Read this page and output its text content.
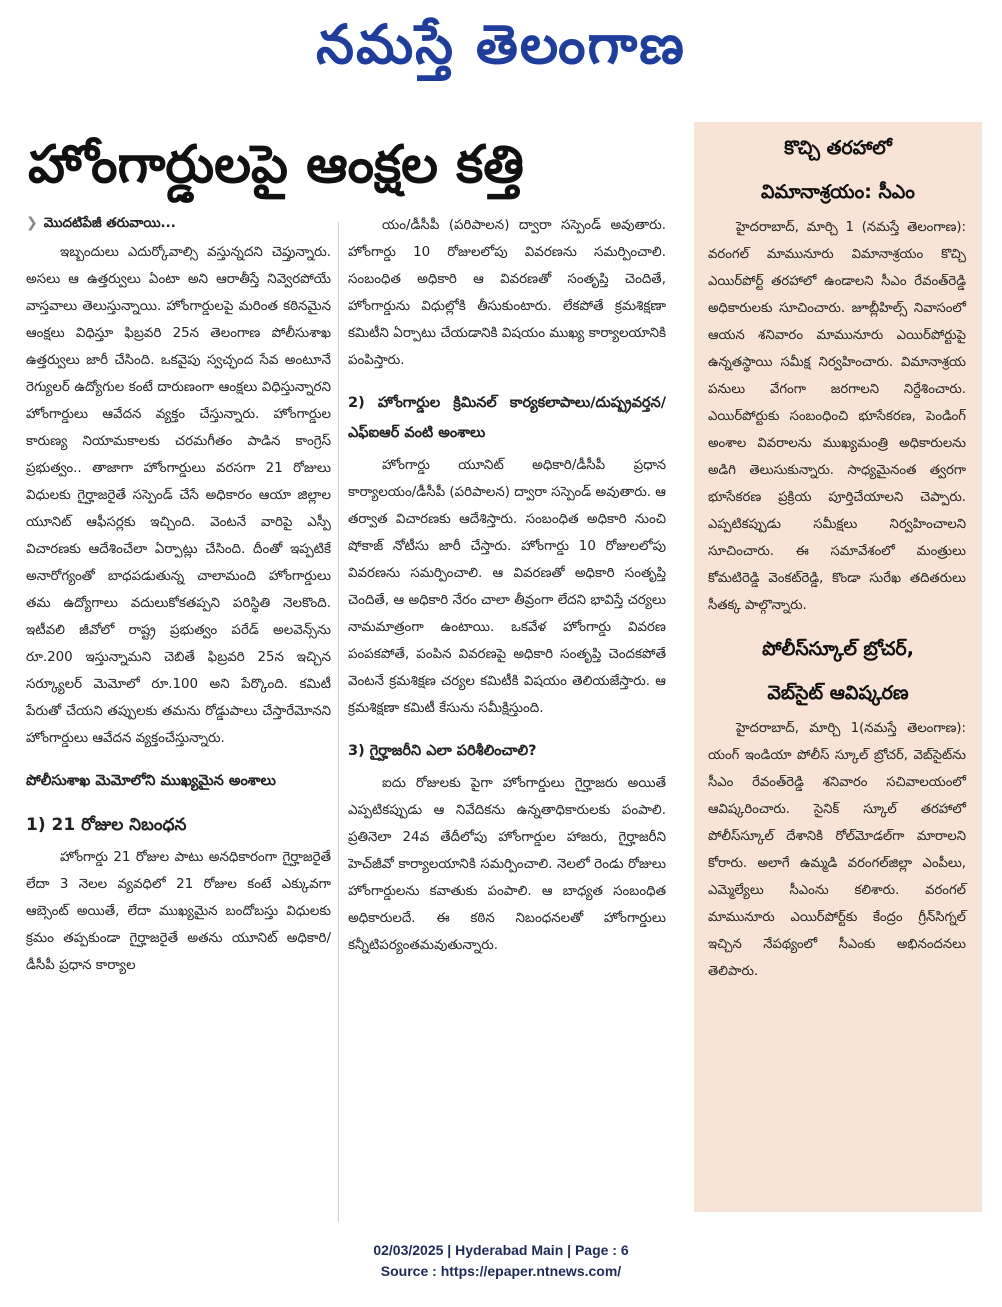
నమస్తే తెలంగాణ
హోంగార్డులపై ఆంక్షల కత్తి
❯ మొదటిపేజీ తరువాయి...

ఇబ్బందులు ఎదుర్కోవాల్సి వస్తున్నదని చెప్తున్నారు. అసలు ఆ ఉత్తర్వులు ఏంటా అని ఆరాతీస్తే నివ్వెరపోయే వాస్తవాలు తెలుస్తున్నాయి. హోంగార్డులపై మరింత కఠినమైన ఆంక్షలు విధిస్తూ ఫిబ్రవరి 25న తెలంగాణ పోలీసుశాఖ ఉత్తర్వులు జారీ చేసింది. ఒకవైపు స్వచ్ఛంద సేవ అంటూనే రెగ్యులర్ ఉద్యోగుల కంటే దారుణంగా ఆంక్షలు విధిస్తున్నారని హోంగార్డులు ఆవేదన వ్యక్తం చేస్తున్నారు. హోంగార్డుల కారుణ్య నియామకాలకు చరమగీతం పాడిన కాంగ్రెస్ ప్రభుత్వం.. తాజాగా హోంగార్డులు వరసగా 21 రోజులు విధులకు గైర్హాజరైతే సస్పెండ్ చేసే అధికారం ఆయా జిల్లాల యూనిట్ ఆఫీసర్లకు ఇచ్చింది. వెంటనే వారిపై ఎస్పీ విచారణకు ఆదేశించేలా ఏర్పాట్లు చేసింది. దీంతో ఇప్పటికే అనారోగ్యంతో బాధపడుతున్న చాలామంది హోంగార్డులు తమ ఉద్యోగాలు వదులుకోకతప్పని పరిస్థితి నెలకొంది. ఇటీవలి జీవోలో రాష్ట్ర ప్రభుత్వం పరేడ్ అలవెన్స్‌ను రూ.200 ఇస్తున్నామని చెబితే ఫిబ్రవరి 25న ఇచ్చిన సర్క్యూలర్ మెమోలో రూ.100 అని పేర్కొంది. కమిటీ పేరుతో చేయని తప్పులకు తమను రోడ్డుపాలు చేస్తారేమోనని హోంగార్డులు ఆవేదన వ్యక్తంచేస్తున్నారు.

పోలీసుశాఖ మెమోలోని ముఖ్యమైన అంశాలు
1) 21 రోజుల నిబంధన

హోంగార్డు 21 రోజుల పాటు అనధికారంగా గైర్హాజరైతే లేదా 3 నెలల వ్యవధిలో 21 రోజుల కంటే ఎక్కువగా ఆబ్సెంట్ అయితే, లేదా ముఖ్యమైన బందోబస్తు విధులకు క్రమం తప్పకుండా గైర్హాజరైతే అతను యూనిట్ అధికారి/డీసీపీ ప్రధాన కార్యాల

యం/డీసీపీ (పరిపాలన) ద్వారా సస్పెండ్ అవుతారు. హోంగార్డు 10 రోజులలోపు వివరణను సమర్పించాలి. సంబంధిత అధికారి ఆ వివరణతో సంతృప్తి చెందితే, హోంగార్డును విధుల్లోకి తీసుకుంటారు. లేకపోతే క్రమశిక్షణా కమిటీని ఏర్పాటు చేయడానికి విషయం ముఖ్య కార్యాలయానికి పంపిస్తారు.

2) హోంగార్డుల క్రిమినల్ కార్యకలాపాలు/దుష్ప్రవర్తన/ ఎఫ్ఐఆర్ వంటి అంశాలు

హోంగార్డు యూనిట్ అధికారి/డీసీపీ ప్రధాన కార్యాలయం/డీసీపీ (పరిపాలన) ద్వారా సస్పెండ్ అవుతారు. ఆ తర్వాత విచారణకు ఆదేశిస్తారు. సంబంధిత అధికారి నుంచి షోకాజ్ నోటీసు జారీ చేస్తారు. హోంగార్డు 10 రోజులలోపు వివరణను సమర్పించాలి. ఆ వివరణతో అధికారి సంతృప్తి చెందితే, ఆ అధికారి నేరం చాలా తీవ్రంగా లేదని భావిస్తే చర్యలు నామమాత్రంగా ఉంటాయి. ఒకవేళ హోంగార్డు వివరణ పంపకపోతే, పంపిన వివరణపై అధికారి సంతృప్తి చెందకపోతే వెంటనే క్రమశిక్షణ చర్యల కమిటీకి విషయం తెలియజేస్తారు. ఆ క్రమశిక్షణా కమిటీ కేసును సమీక్షిస్తుంది.

3) గైర్హాజరీని ఎలా పరిశీలించాలి?

ఐదు రోజులకు పైగా హోంగార్డులు గైర్హాజరు అయితే ఎప్పటికప్పుడు ఆ నివేదికను ఉన్నతాధికారులకు పంపాలి. ప్రతినెలా 24వ తేదీలోపు హోంగార్డుల హాజరు, గైర్హాజరీని హెచ్‌జీవో కార్యాలయానికి సమర్పించాలి. నెలలో రెండు రోజులు హోంగార్డులను కవాతుకు పంపాలి. ఆ బాధ్యత సంబంధిత అధికారులదే. ఈ కఠిన నిబంధనలతో హోంగార్డులు కన్నీటిపర్యంతమవుతున్నారు.

కొచ్చి తరహాలో
విమానాశ్రయం: సీఎం

హైదరాబాద్, మార్చి 1 (నమస్తే తెలంగాణ): వరంగల్ మామునూరు విమానాశ్రయం కొచ్చి ఎయిర్‌పోర్ట్ తరహాలో ఉండాలని సీఎం రేవంత్‌రెడ్డి అధికారులకు సూచించారు. జూబ్లీహిల్స్ నివాసంలో ఆయన శనివారం మామునూరు ఎయిర్‌పోర్టుపై ఉన్నతస్థాయి సమీక్ష నిర్వహించారు. విమానాశ్రయ పనులు వేగంగా జరగాలని నిర్దేశించారు. ఎయిర్‌పోర్టుకు సంబంధించి భూసేకరణ, పెండింగ్ అంశాల వివరాలను ముఖ్యమంత్రి అధికారులను అడిగి తెలుసుకున్నారు. సాధ్యమైనంత త్వరగా భూసేకరణ ప్రక్రియ పూర్తిచేయాలని చెప్పారు. ఎప్పటికప్పుడు సమీక్షలు నిర్వహించాలని సూచించారు. ఈ సమావేశంలో మంత్రులు కోమటిరెడ్డి వెంకట్‌రెడ్డి, కొండా సురేఖ తదితరులు సీతక్క పాల్గొన్నారు.

పోలీస్‌స్కూల్ బ్రోచర్,
వెబ్‌సైట్ ఆవిష్కరణ

హైదరాబాద్, మార్చి 1(నమస్తే తెలంగాణ): యంగ్ ఇండియా పోలీస్ స్కూల్ బ్రోచర్, వెబ్‌సైట్‌ను సీఎం రేవంత్‌రెడ్డి శనివారం సచివాలయంలో ఆవిష్కరించారు. సైనిక్ స్కూల్ తరహాలో పోలీస్‌స్కూల్ దేశానికి రోల్‌మోడల్‌గా మారాలని కోరారు. అలాగే ఉమ్మడి వరంగల్‌జిల్లా ఎంపీలు, ఎమ్మెల్యేలు సీఎంను కలిశారు. వరంగల్ మామునూరు ఎయిర్‌పోర్ట్‌కు కేంద్రం గ్రీన్‌సిగ్నల్ ఇచ్చిన నేపథ్యంలో సీఎంకు అభినందనలు తెలిపారు.

02/03/2025 | Hyderabad Main | Page : 6
Source : https://epaper.ntnews.com/
